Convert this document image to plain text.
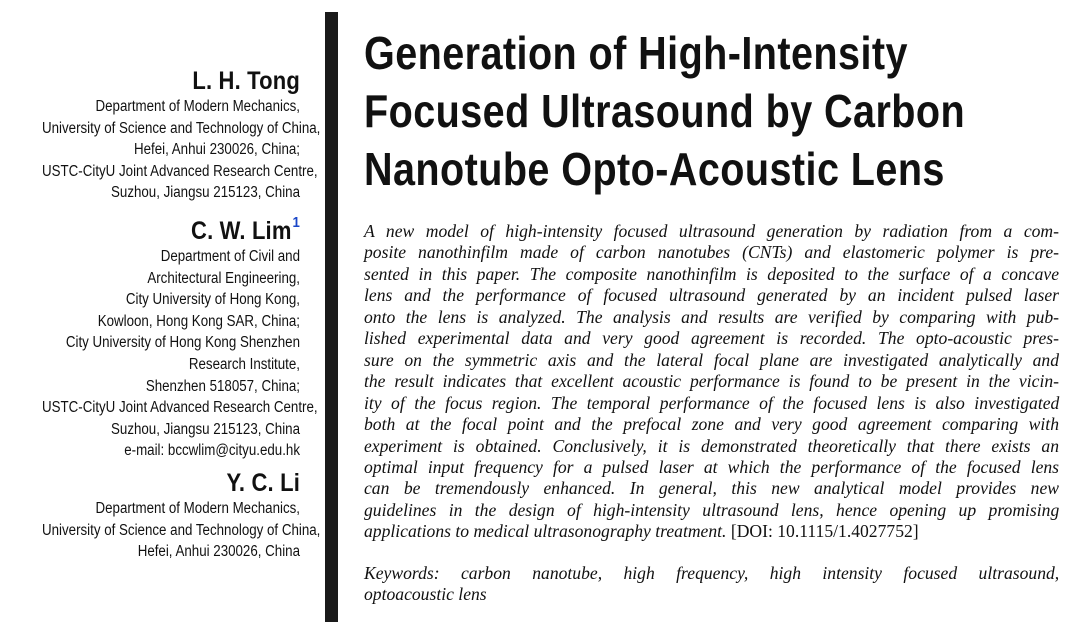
L. H. Tong
Department of Modern Mechanics,
University of Science and Technology of China,
Hefei, Anhui 230026, China;
USTC-CityU Joint Advanced Research Centre,
Suzhou, Jiangsu 215123, China
C. W. Lim$^1$
Department of Civil and
Architectural Engineering,
City University of Hong Kong,
Kowloon, Hong Kong SAR, China;
City University of Hong Kong Shenzhen
Research Institute,
Shenzhen 518057, China;
USTC-CityU Joint Advanced Research Centre,
Suzhou, Jiangsu 215123, China
e-mail: bccwlim@cityu.edu.hk
Y. C. Li
Department of Modern Mechanics,
University of Science and Technology of China,
Hefei, Anhui 230026, China
Generation of High-Intensity
Focused Ultrasound by Carbon
Nanotube Opto-Acoustic Lens
A new model of high-intensity focused ultrasound generation by radiation from a com-
posite nanothinfilm made of carbon nanotubes (CNTs) and elastomeric polymer is pre-
sented in this paper. The composite nanothinfilm is deposited to the surface of a concave
lens and the performance of focused ultrasound generated by an incident pulsed laser
onto the lens is analyzed. The analysis and results are verified by comparing with pub-
lished experimental data and very good agreement is recorded. The opto-acoustic pres-
sure on the symmetric axis and the lateral focal plane are investigated analytically and
the result indicates that excellent acoustic performance is found to be present in the vicin-
ity of the focus region. The temporal performance of the focused lens is also investigated
both at the focal point and the prefocal zone and very good agreement comparing with
experiment is obtained. Conclusively, it is demonstrated theoretically that there exists an
optimal input frequency for a pulsed laser at which the performance of the focused lens
can be tremendously enhanced. In general, this new analytical model provides new
guidelines in the design of high-intensity ultrasound lens, hence opening up promising
applications to medical ultrasonography treatment. [DOI: 10.1115/1.4027752]
Keywords: carbon nanotube, high frequency, high intensity focused ultrasound,
optoacoustic lens
